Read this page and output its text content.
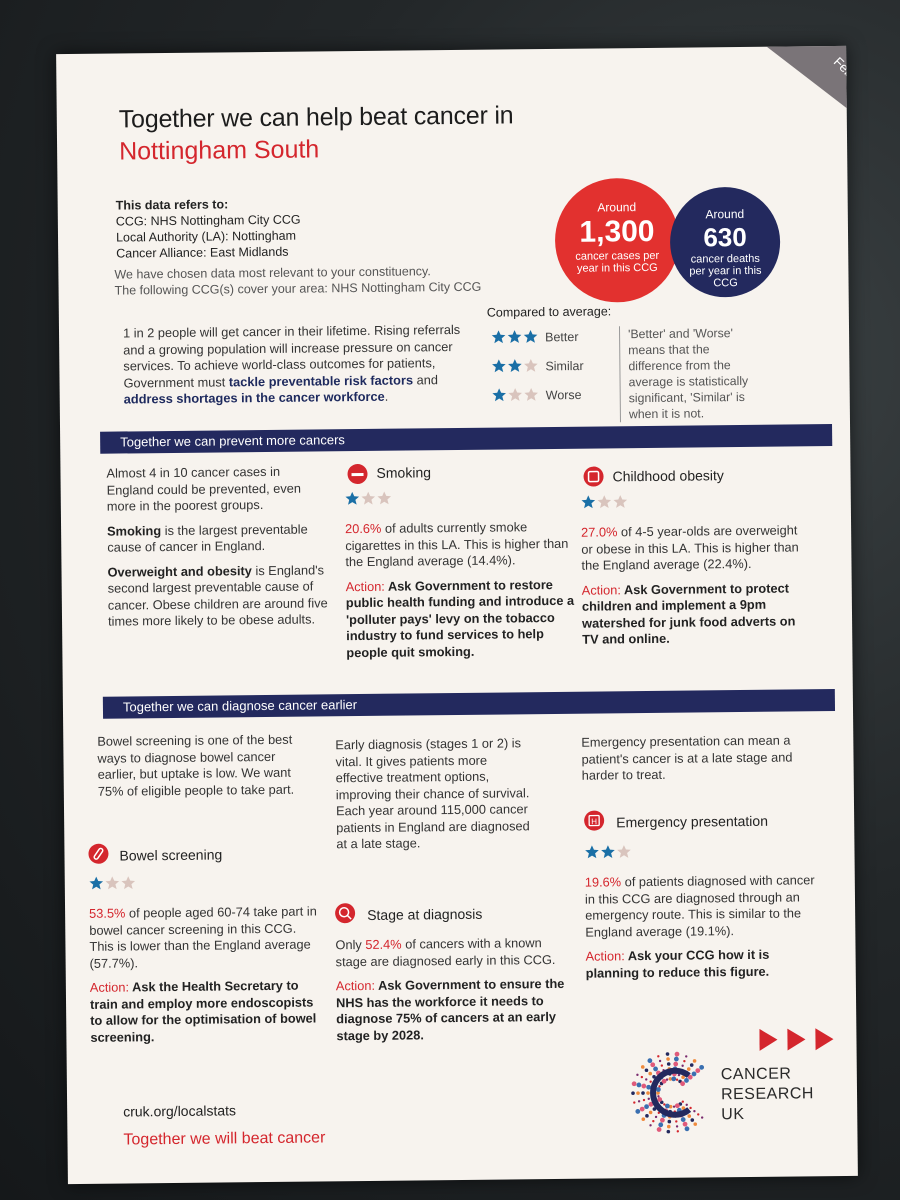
Together we can help beat cancer in
Nottingham South
This data refers to:
CCG: NHS Nottingham City CCG
Local Authority (LA): Nottingham
Cancer Alliance: East Midlands
We have chosen data most relevant to your constituency.
The following CCG(s) cover your area: NHS Nottingham City CCG
Around
1,300
cancer cases per year in this CCG
Around
630
cancer deaths per year in this CCG
1 in 2 people will get cancer in their lifetime. Rising referrals and a growing population will increase pressure on cancer services. To achieve world-class outcomes for patients, Government must tackle preventable risk factors and address shortages in the cancer workforce.
Compared to average:
Better
Similar
Worse
'Better' and 'Worse' means that the difference from the average is statistically significant, 'Similar' is when it is not.
Together we can prevent more cancers
Almost 4 in 10 cancer cases in England could be prevented, even more in the poorest groups.
Smoking is the largest preventable cause of cancer in England.
Overweight and obesity is England's second largest preventable cause of cancer. Obese children are around five times more likely to be obese adults.
Smoking
20.6% of adults currently smoke cigarettes in this LA. This is higher than the England average (14.4%).
Action: Ask Government to restore public health funding and introduce a 'polluter pays' levy on the tobacco industry to fund services to help people quit smoking.
Childhood obesity
27.0% of 4-5 year-olds are overweight or obese in this LA. This is higher than the England average (22.4%).
Action: Ask Government to protect children and implement a 9pm watershed for junk food adverts on TV and online.
Together we can diagnose cancer earlier
Bowel screening is one of the best ways to diagnose bowel cancer earlier, but uptake is low. We want 75% of eligible people to take part.
Bowel screening
53.5% of people aged 60-74 take part in bowel cancer screening in this CCG. This is lower than the England average (57.7%).
Action: Ask the Health Secretary to train and employ more endoscopists to allow for the optimisation of bowel screening.
Early diagnosis (stages 1 or 2) is vital. It gives patients more effective treatment options, improving their chance of survival. Each year around 115,000 cancer patients in England are diagnosed at a late stage.
Stage at diagnosis
Only 52.4% of cancers with a known stage are diagnosed early in this CCG.
Action: Ask Government to ensure the NHS has the workforce it needs to diagnose 75% of cancers at an early stage by 2028.
Emergency presentation can mean a patient's cancer is at a late stage and harder to treat.
H Emergency presentation
19.6% of patients diagnosed with cancer in this CCG are diagnosed through an emergency route. This is similar to the England average (19.1%).
Action: Ask your CCG how it is planning to reduce this figure.
cruk.org/localstats
Together we will beat cancer
CANCER
RESEARCH
UK
